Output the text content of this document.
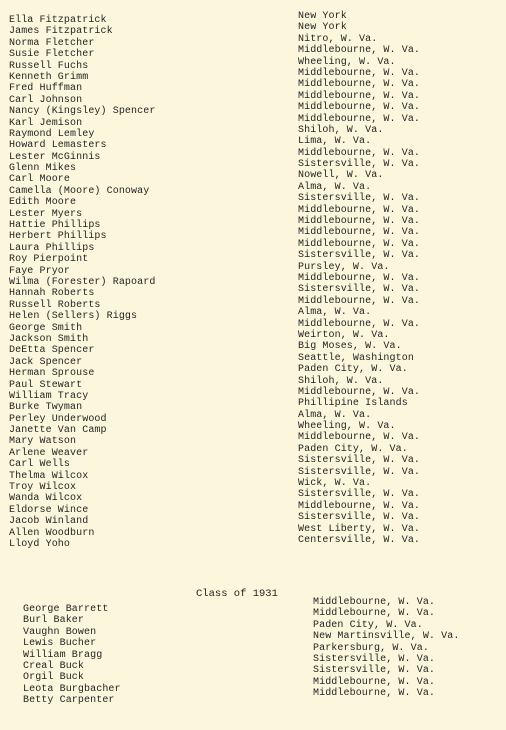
Ella Fitzpatrick
James Fitzpatrick
Norma Fletcher
Susie Fletcher
Russell Fuchs
Kenneth Grimm
Fred Huffman
Carl Johnson
Nancy (Kingsley) Spencer
Karl Jemison
Raymond Lemley
Howard Lemasters
Lester McGinnis
Glenn Mikes
Carl Moore
Camella (Moore) Conoway
Edith Moore
Lester Myers
Hattie Phillips
Herbert Phillips
Laura Phillips
Roy Pierpoint
Faye Pryor
Wilma (Forester) Rapoard
Hannah Roberts
Russell Roberts
Helen (Sellers) Riggs
George Smith
Jackson Smith
DeEtta Spencer
Jack Spencer
Herman Sprouse
Paul Stewart
William Tracy
Burke Twyman
Perley Underwood
Janette Van Camp
Mary Watson
Arlene Weaver
Carl Wells
Thelma Wilcox
Troy Wilcox
Wanda Wilcox
Eldorse Wince
Jacob Winland
Allen Woodburn
Lloyd Yoho
New York
New York
Nitro, W. Va.
Middlebourne, W. Va.
Wheeling, W. Va.
Middlebourne, W. Va.
Middlebourne, W. Va.
Middlebourne, W. Va.
Middlebourne, W. Va.
Middlebourne, W. Va.
Shiloh, W. Va.
Lima, W. Va.
Middlebourne, W. Va.
Sistersville, W. Va.
Nowell, W. Va.
Alma, W. Va.
Sistersville, W. Va.
Middlebourne, W. Va.
Middlebourne, W. Va.
Middlebourne, W. Va.
Middlebourne, W. Va.
Sistersville, W. Va.
Pursley, W. Va.
Middlebourne, W. Va.
Sistersville, W. Va.
Middlebourne, W. Va.
Alma, W. Va.
Middlebourne, W. Va.
Weirton, W. Va.
Big Moses, W. Va.
Seattle, Washington
Paden City, W. Va.
Shiloh, W. Va.
Middlebourne, W. Va.
Phillipine Islands
Alma, W. Va.
Wheeling, W. Va.
Middlebourne, W. Va.
Paden City, W. Va.
Sistersville, W. Va.
Sistersville, W. Va.
Wick, W. Va.
Sistersville, W. Va.
Middlebourne, W. Va.
Sistersville, W. Va.
West Liberty, W. Va.
Centersville, W. Va.
Class of 1931
George Barrett
Burl Baker
Vaughn Bowen
Lewis Bucher
William Bragg
Creal Buck
Orgil Buck
Leota Burgbacher
Betty Carpenter
Middlebourne, W. Va.
Middlebourne, W. Va.
Paden City, W. Va.
New Martinsville, W. Va.
Parkersburg, W. Va.
Sistersville, W. Va.
Sistersville, W. Va.
Middlebourne, W. Va.
Middlebourne, W. Va.
